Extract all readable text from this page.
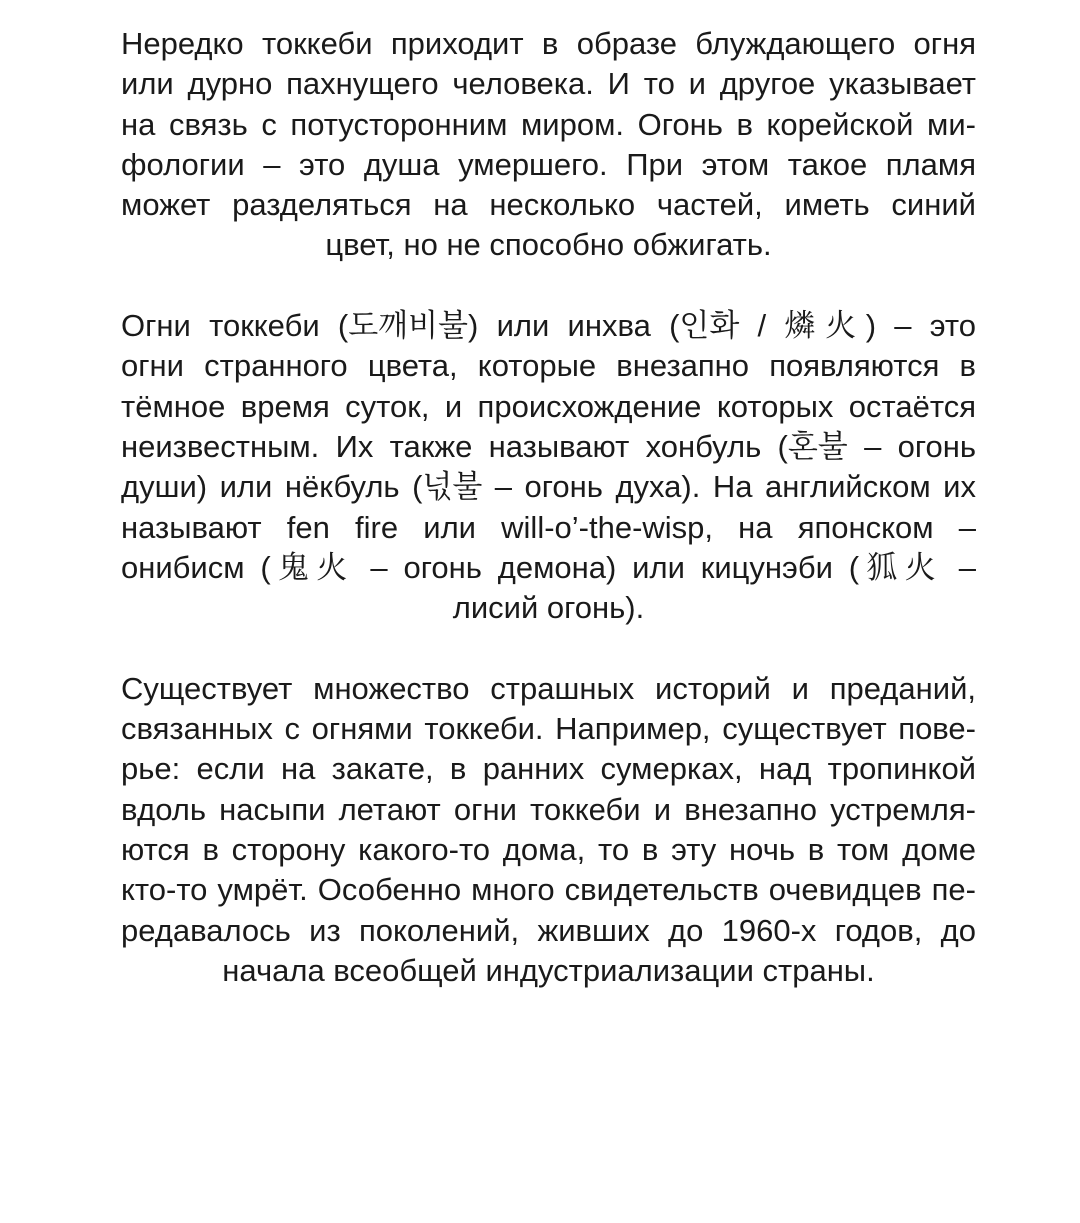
Нередко токкеби приходит в образе блуждающего огня
или дурно пахнущего человека. И то и другое указывает
на связь с потусторонним миром. Огонь в корейской ми-
фологии – это душа умершего. При этом такое пламя
может разделяться на несколько частей, иметь синий
цвет, но не способно обжигать.
Огни токкеби (도깨비불) или инхва (인화 / 燐火) – это
огни странного цвета, которые внезапно появляются в
тёмное время суток, и происхождение которых остаётся
неизвестным. Их также называют хонбуль (혼불 – огонь
души) или нёкбуль (넋불 – огонь духа). На английском их
называют fen fire или will-o’-the-wisp, на японском –
онибисм (鬼火 – огонь демона) или кицунэби (狐火 –
лисий огонь).
Существует множество страшных историй и преданий,
связанных с огнями токкеби. Например, существует пове-
рье: если на закате, в ранних сумерках, над тропинкой
вдоль насыпи летают огни токкеби и внезапно устремля-
ются в сторону какого-то дома, то в эту ночь в том доме
кто-то умрёт. Особенно много свидетельств очевидцев пе-
редавалось из поколений, живших до 1960-х годов, до
начала всеобщей индустриализации страны.
